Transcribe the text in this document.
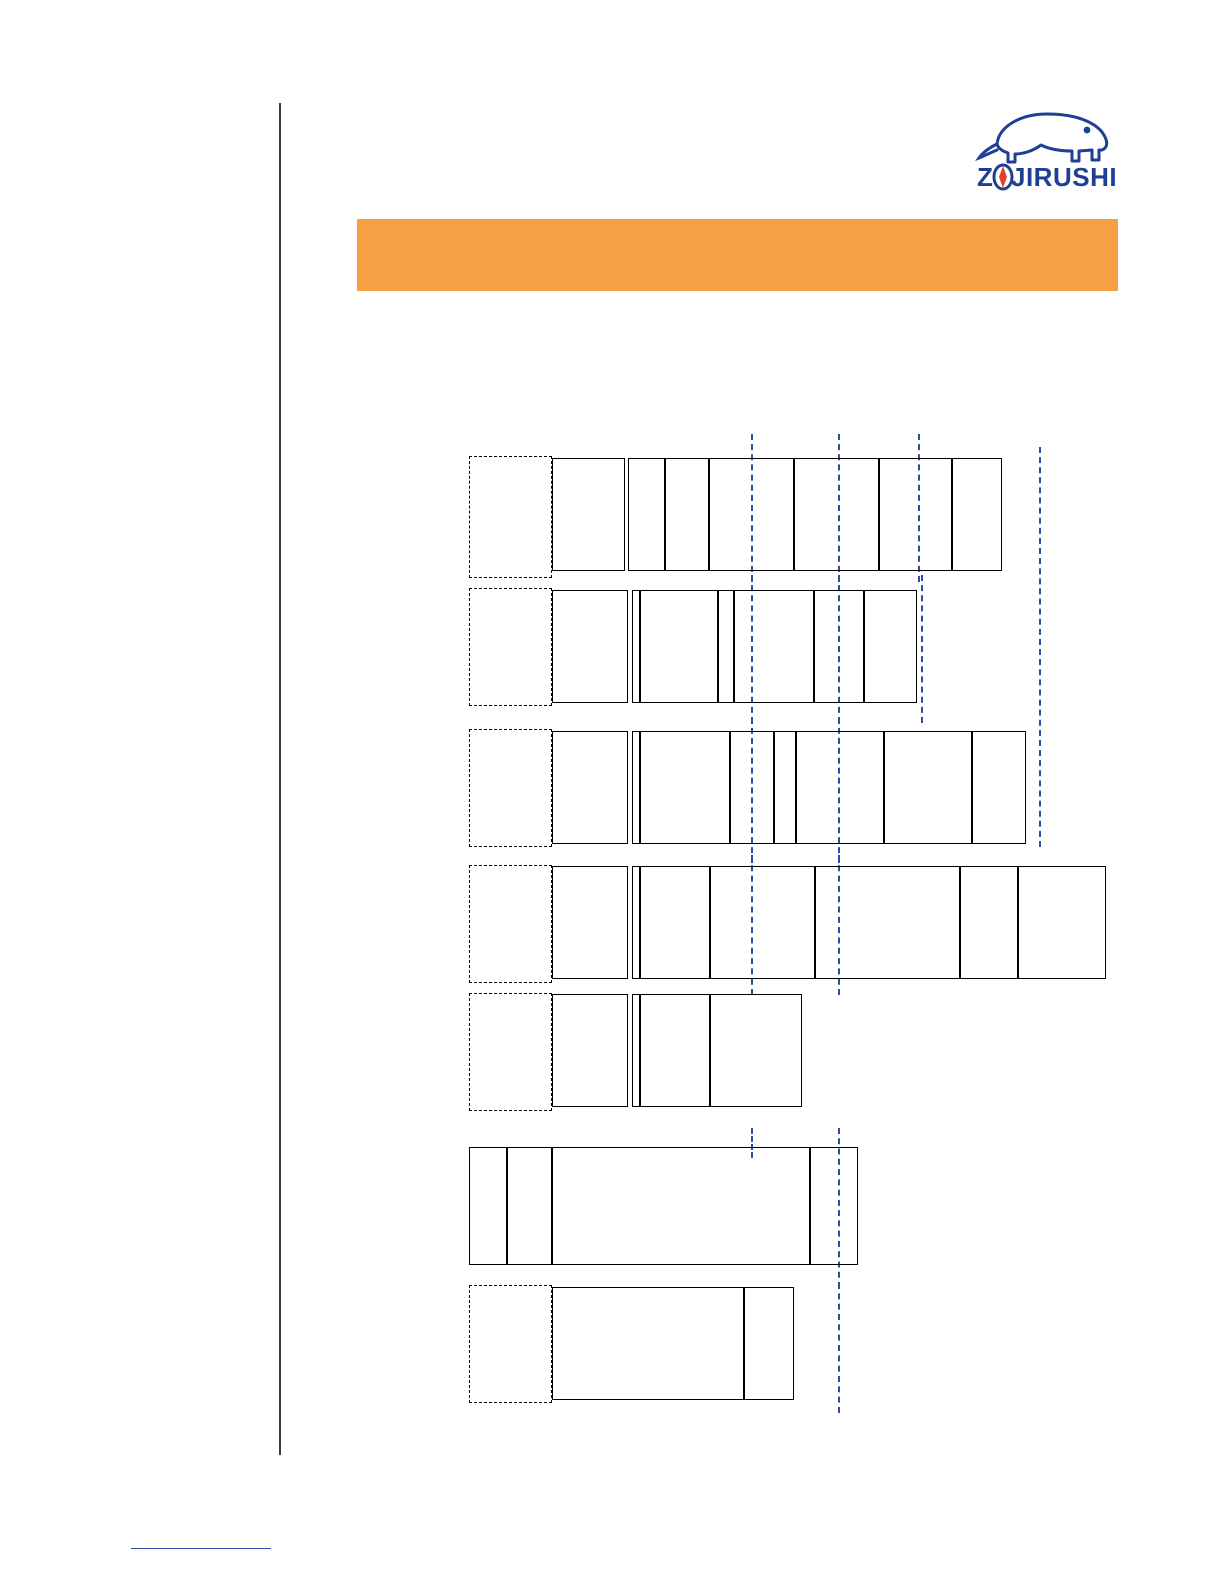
Z JIRUSHI
